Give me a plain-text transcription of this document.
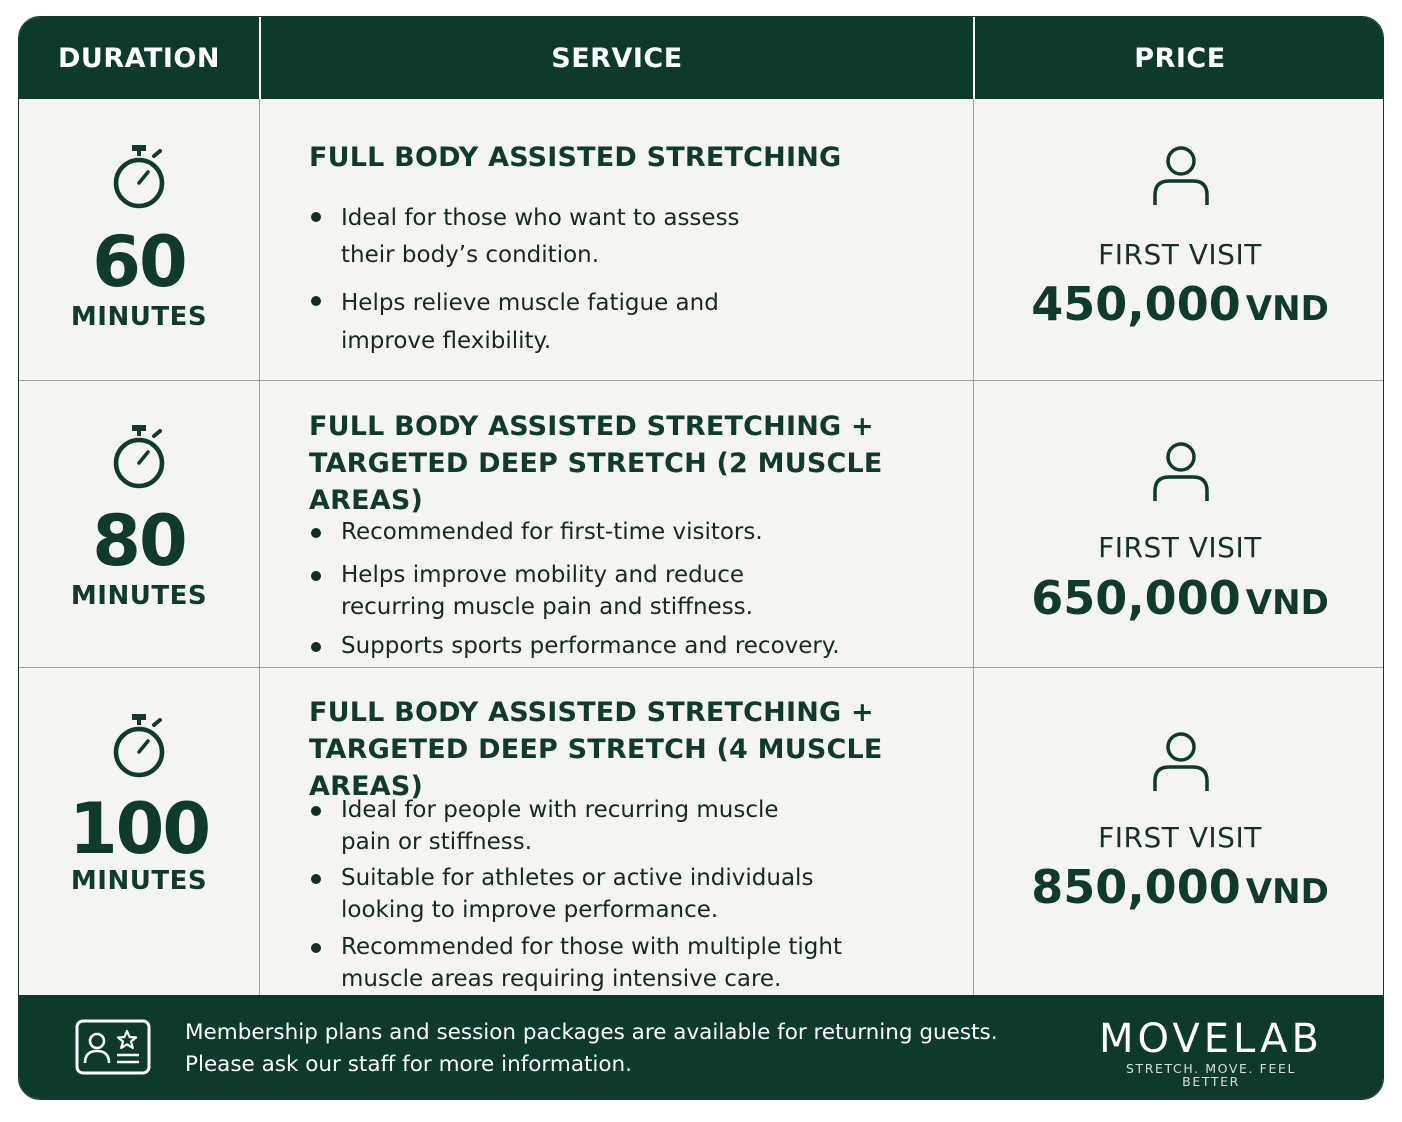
DURATION	SERVICE	PRICE
60
MINUTES
FULL BODY ASSISTED STRETCHING
Ideal for those who want to assess
their body’s condition.
Helps relieve muscle fatigue and
improve flexibility.
FIRST VISIT
450,000 VND
80
MINUTES
FULL BODY ASSISTED STRETCHING +
TARGETED DEEP STRETCH (2 MUSCLE AREAS)
Recommended for first-time visitors.
Helps improve mobility and reduce
recurring muscle pain and stiffness.
Supports sports performance and recovery.
FIRST VISIT
650,000 VND
100
MINUTES
FULL BODY ASSISTED STRETCHING +
TARGETED DEEP STRETCH (4 MUSCLE AREAS)
Ideal for people with recurring muscle
pain or stiffness.
Suitable for athletes or active individuals
looking to improve performance.
Recommended for those with multiple tight
muscle areas requiring intensive care.
FIRST VISIT
850,000 VND
Membership plans and session packages are available for returning guests.
Please ask our staff for more information.
MOVELAB
STRETCH. MOVE. FEEL BETTER
